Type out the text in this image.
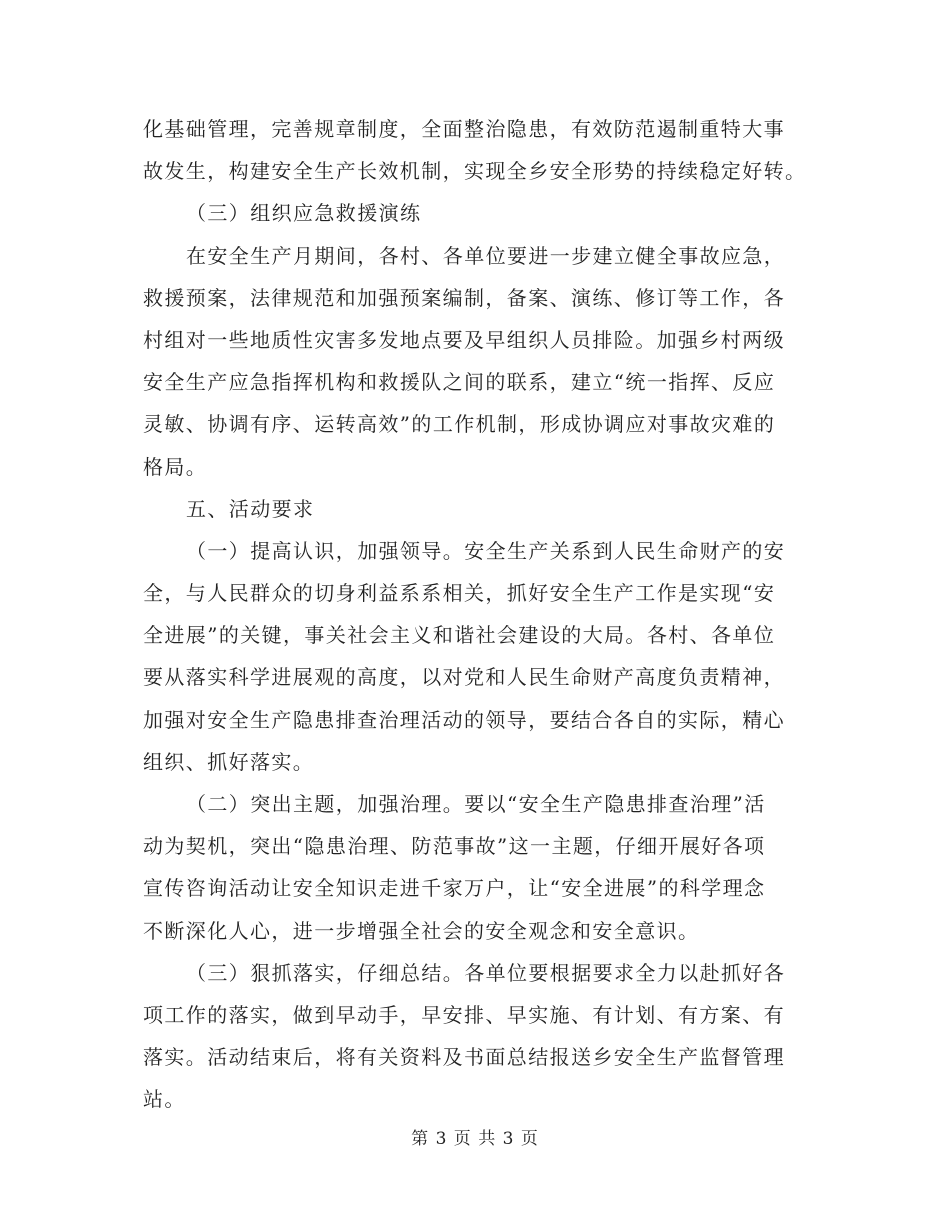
化基础管理，完善规章制度，全面整治隐患，有效防范遏制重特大事
故发生，构建安全生产长效机制，实现全乡安全形势的持续稳定好转。
（三）组织应急救援演练
在安全生产月期间，各村、各单位要进一步建立健全事故应急，
救援预案，法律规范和加强预案编制，备案、演练、修订等工作，各
村组对一些地质性灾害多发地点要及早组织人员排险。加强乡村两级
安全生产应急指挥机构和救援队之间的联系，建立“统一指挥、反应
灵敏、协调有序、运转高效”的工作机制，形成协调应对事故灾难的
格局。
五、活动要求
（一）提高认识，加强领导。安全生产关系到人民生命财产的安
全，与人民群众的切身利益系系相关，抓好安全生产工作是实现“安
全进展”的关键，事关社会主义和谐社会建设的大局。各村、各单位
要从落实科学进展观的高度，以对党和人民生命财产高度负责精神，
加强对安全生产隐患排查治理活动的领导，要结合各自的实际，精心
组织、抓好落实。
（二）突出主题，加强治理。要以“安全生产隐患排查治理”活
动为契机，突出“隐患治理、防范事故”这一主题，仔细开展好各项
宣传咨询活动让安全知识走进千家万户，让“安全进展”的科学理念
不断深化人心，进一步增强全社会的安全观念和安全意识。
（三）狠抓落实，仔细总结。各单位要根据要求全力以赴抓好各
项工作的落实，做到早动手，早安排、早实施、有计划、有方案、有
落实。活动结束后，将有关资料及书面总结报送乡安全生产监督管理
站。
第 3 页 共 3 页
